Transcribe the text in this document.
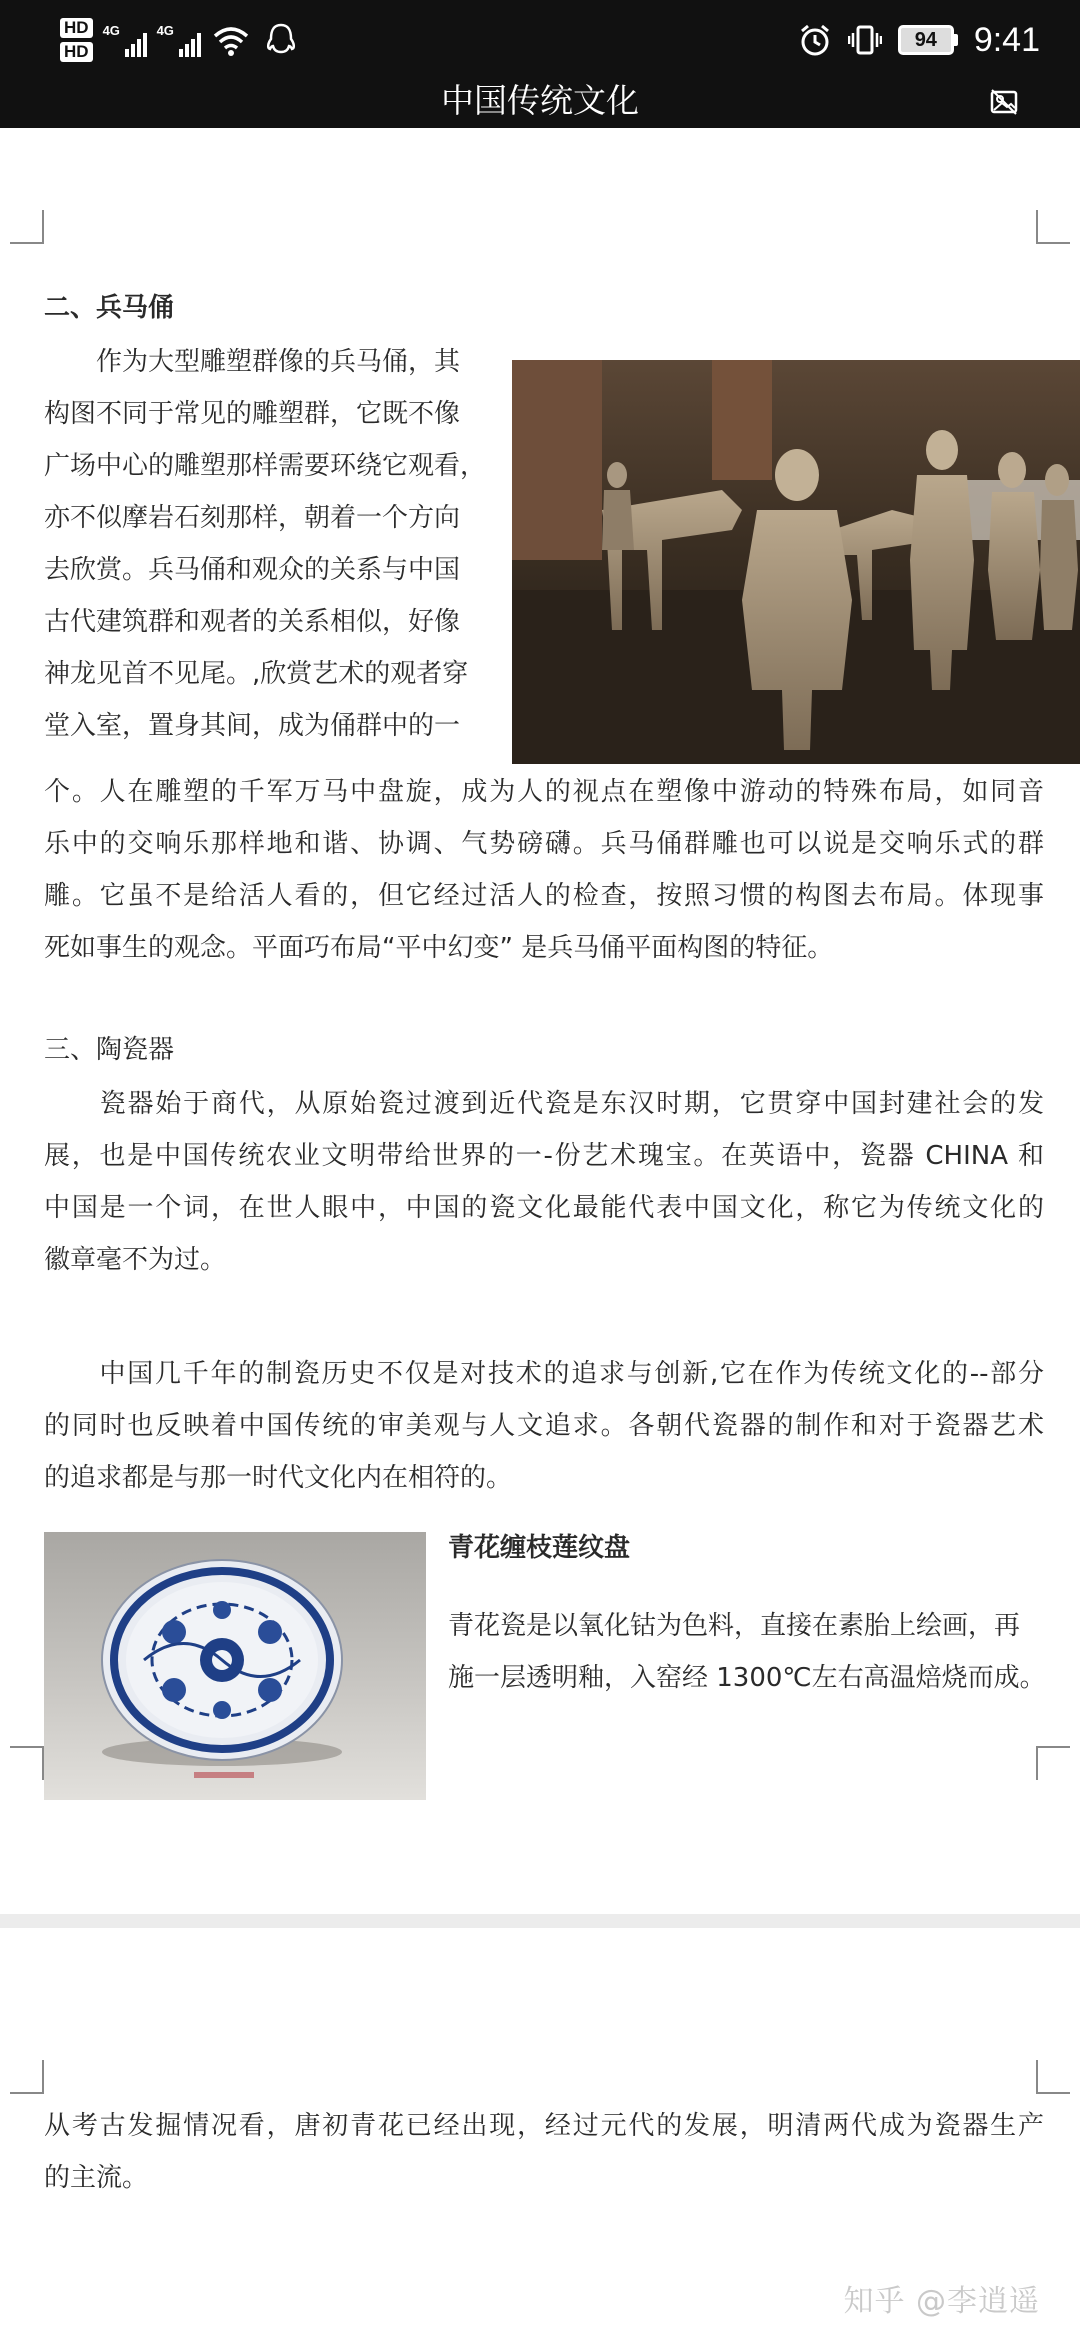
HD
HD
4G	4G	94	9:41
中国传统文化
二、兵马俑
　　作为大型雕塑群像的兵马俑，其
构图不同于常见的雕塑群，它既不像
广场中心的雕塑那样需要环绕它观看，
亦不似摩岩石刻那样，朝着一个方向
去欣赏。兵马俑和观众的关系与中国
古代建筑群和观者的关系相似，好像
神龙见首不见尾。,欣赏艺术的观者穿
堂入室，置身其间，成为俑群中的一
个。人在雕塑的千军万马中盘旋，成为人的视点在塑像中游动的特殊布局，如同音
乐中的交响乐那样地和谐、协调、气势磅礴。兵马俑群雕也可以说是交响乐式的群
雕。它虽不是给活人看的，但它经过活人的检查，按照习惯的构图去布局。体现事
死如事生的观念。平面巧布局“平中幻变” 是兵马俑平面构图的特征。
三、陶瓷器
　　瓷器始于商代，从原始瓷过渡到近代瓷是东汉时期，它贯穿中国封建社会的发
展，也是中国传统农业文明带给世界的一-份艺术瑰宝。在英语中，瓷器 CHINA 和
中国是一个词，在世人眼中，中国的瓷文化最能代表中国文化，称它为传统文化的
徽章毫不为过。
　　中国几千年的制瓷历史不仅是对技术的追求与创新,它在作为传统文化的--部分
的同时也反映着中国传统的审美观与人文追求。各朝代瓷器的制作和对于瓷器艺术
的追求都是与那一时代文化内在相符的。
青花缠枝莲纹盘
青花瓷是以氧化钴为色料，直接在素胎上绘画，再
施一层透明釉，入窑经 1300℃左右高温焙烧而成。
从考古发掘情况看，唐初青花已经出现，经过元代的发展，明清两代成为瓷器生产
的主流。
知乎 @李逍遥
